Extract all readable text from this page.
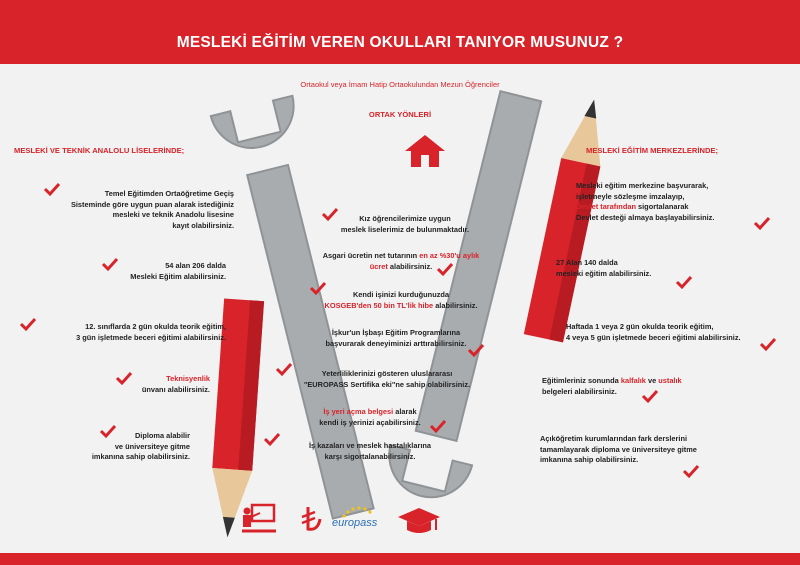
MESLEKİ EĞİTİM VEREN OKULLARI TANIYOR MUSUNUZ ?
Ortaokul veya İmam Hatip Ortaokulundan Mezun Öğrenciler
MESLEKİ VE TEKNİK ANALOLU LİSELERİNDE;
ORTAK YÖNLERİ
MESLEKİ EĞİTİM MERKEZLERİNDE;
Temel Eğitimden Ortaöğretime Geçiş
Sisteminde göre uygun puan alarak istediğiniz
mesleki ve teknik Anadolu lisesine
kayıt olabilirsiniz.
54 alan 206 dalda
Mesleki Eğitim alabilirsiniz.
12. sınıflarda 2 gün okulda teorik eğitim,
3 gün işletmede beceri eğitimi alabilirsiniz.
Teknisyenlik
ünvanı alabilirsiniz.
Diploma alabilir
ve üniversiteye gitme
imkanına sahip olabilirsiniz.
Kız öğrencilerimize uygun
meslek liselerimiz de bulunmaktadır.
Asgari ücretin net tutarının en az %30'u aylık
ücret alabilirsiniz.
Kendi işinizi kurduğunuzda
KOSGEB'den 50 bin TL'lik hibe alabilirsiniz.
İşkur'un İşbaşı Eğitim Programlarına
başvurarak deneyiminizi arttırabilirsiniz.
Yeterliliklerinizi gösteren uluslararası
"EUROPASS Sertifika eki"ne sahip olabilirsiniz.
İş yeri açma belgesi alarak
kendi iş yerinizi açabilirsiniz.
İş kazaları ve meslek hastalıklarına
karşı sigortalanabilirsiniz.
Mesleki eğitim merkezine başvurarak,
işletmeyle sözleşme imzalayıp,
Devlet tarafından sigortalanarak
Devlet desteği almaya başlayabilirsiniz.
27 Alan 140 dalda
mesleki eğitim alabilirsiniz.
Haftada 1 veya 2 gün okulda teorik eğitim,
4 veya 5 gün işletmede beceri eğitimi alabilirsiniz.
Eğitimleriniz sonunda kalfalık ve ustalık
belgeleri alabilirsiniz.
Açıköğretim kurumlarından fark derslerini
tamamlayarak diploma ve üniversiteye gitme
imkanına sahip olabilirsiniz.
europass
